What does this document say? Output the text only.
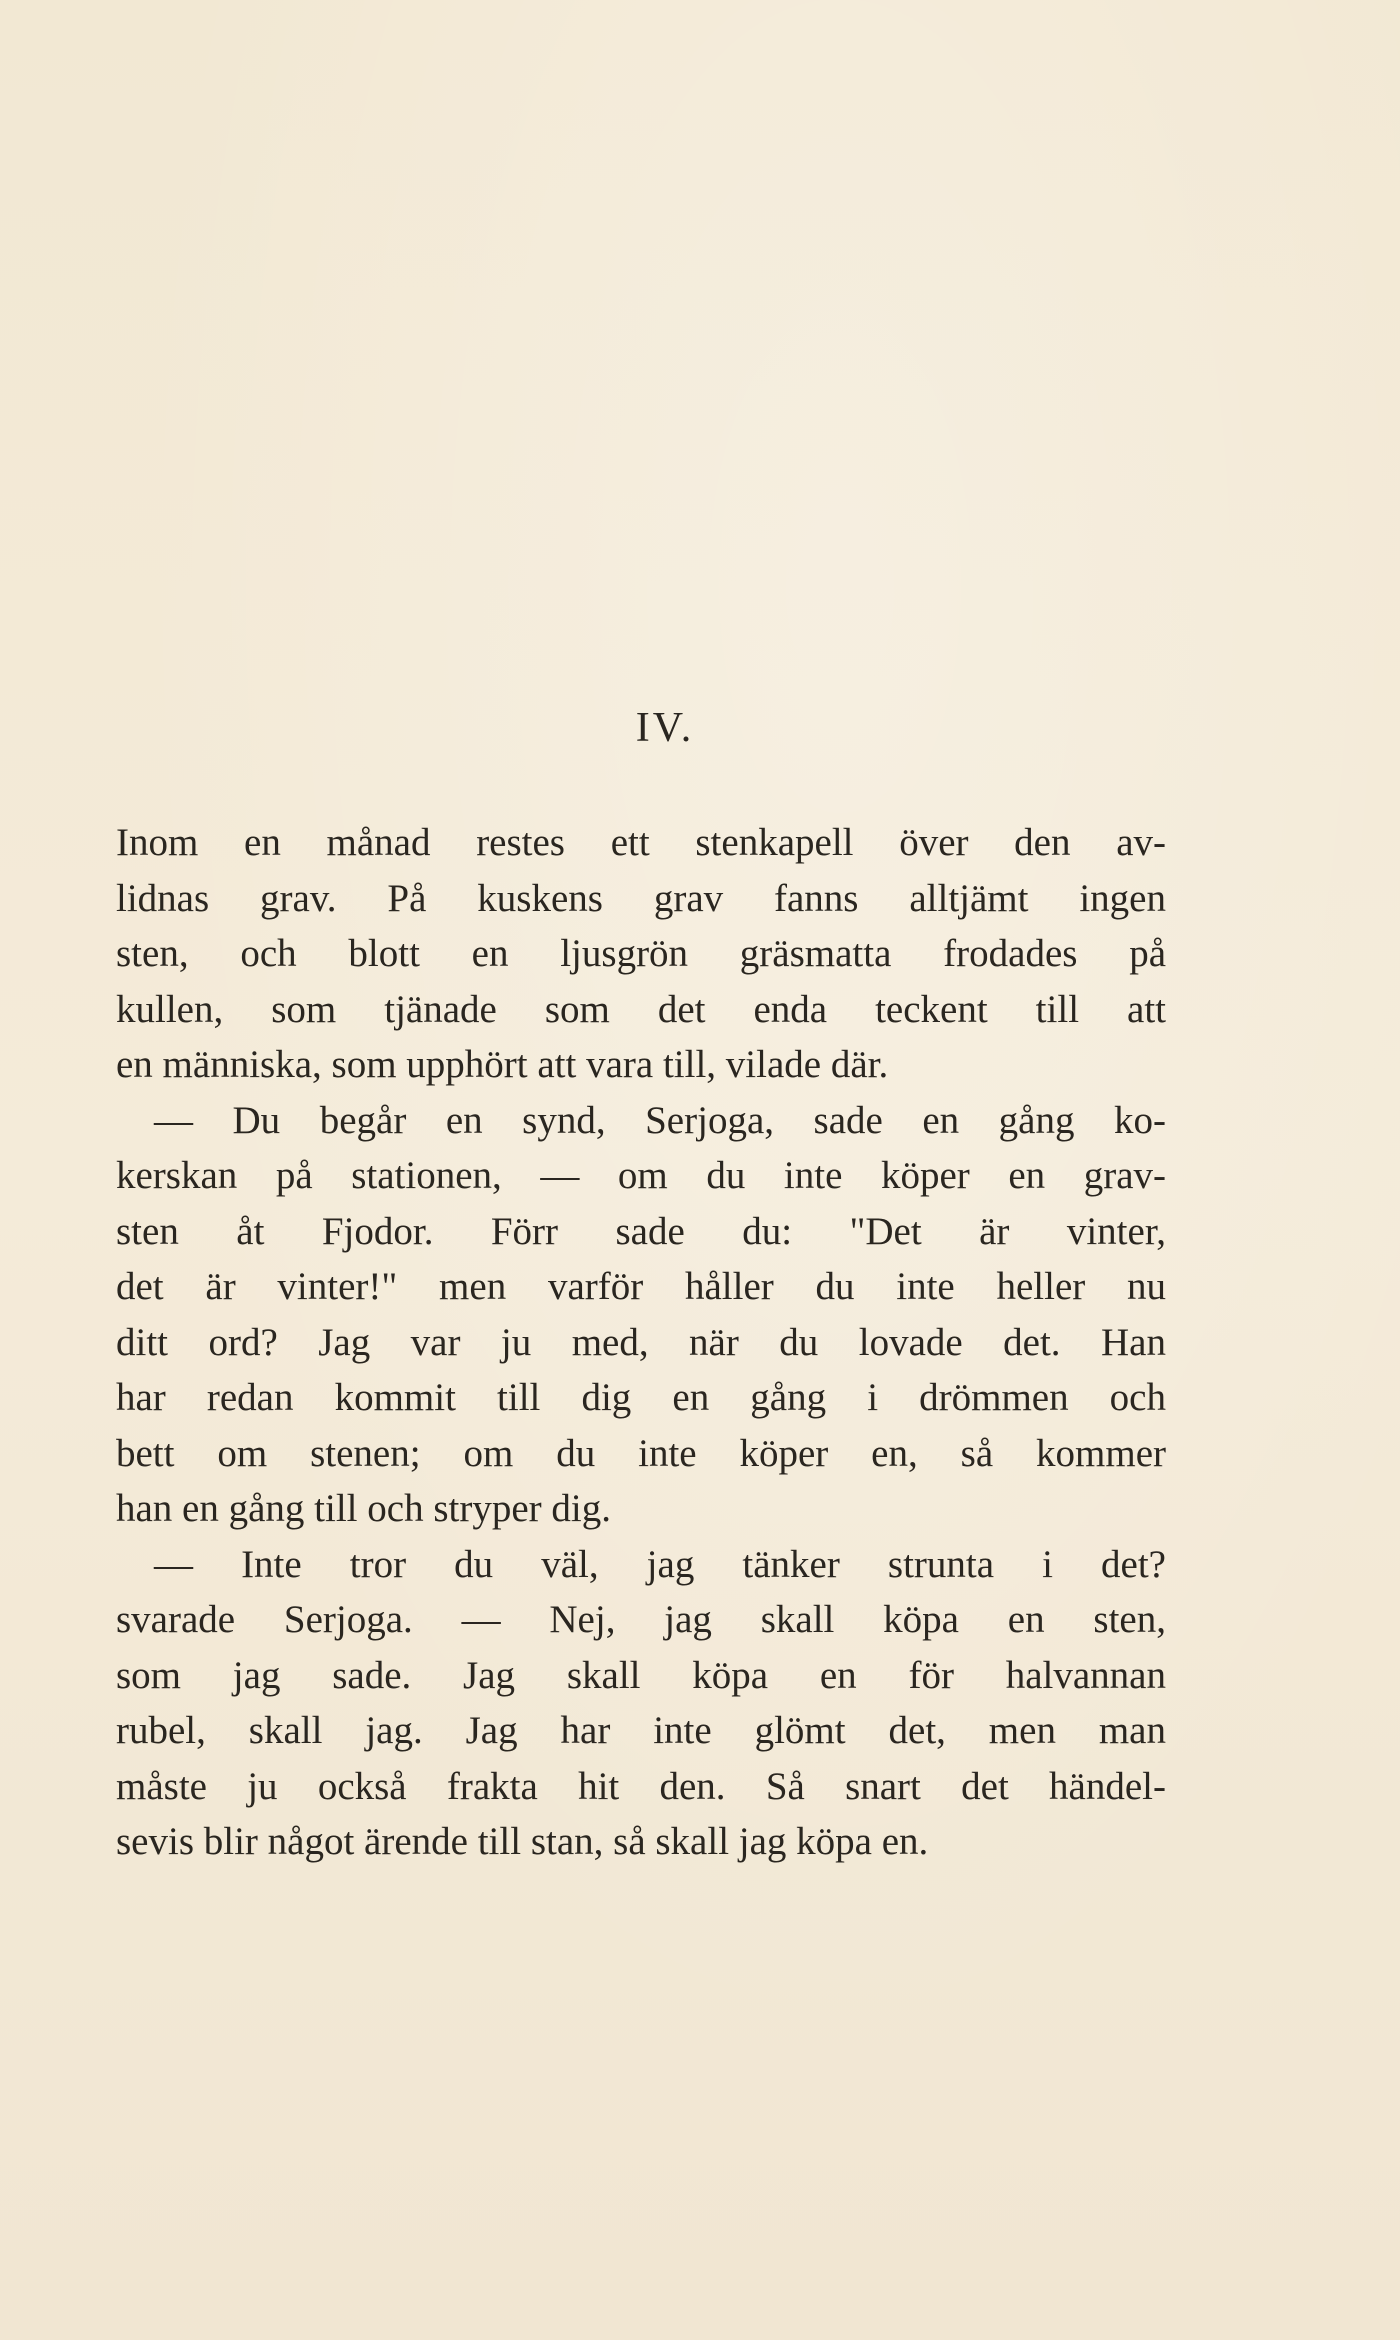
IV.
Inom en månad restes ett stenkapell över den av-
lidnas grav. På kuskens grav fanns alltjämt ingen
sten, och blott en ljusgrön gräsmatta frodades på
kullen, som tjänade som det enda teckent till att
en människa, som upphört att vara till, vilade där.
— Du begår en synd, Serjoga, sade en gång ko-
kerskan på stationen, — om du inte köper en grav-
sten åt Fjodor. Förr sade du: "Det är vinter,
det är vinter!" men varför håller du inte heller nu
ditt ord? Jag var ju med, när du lovade det. Han
har redan kommit till dig en gång i drömmen och
bett om stenen; om du inte köper en, så kommer
han en gång till och stryper dig.
— Inte tror du väl, jag tänker strunta i det?
svarade Serjoga. — Nej, jag skall köpa en sten,
som jag sade. Jag skall köpa en för halvannan
rubel, skall jag. Jag har inte glömt det, men man
måste ju också frakta hit den. Så snart det händel-
sevis blir något ärende till stan, så skall jag köpa en.
